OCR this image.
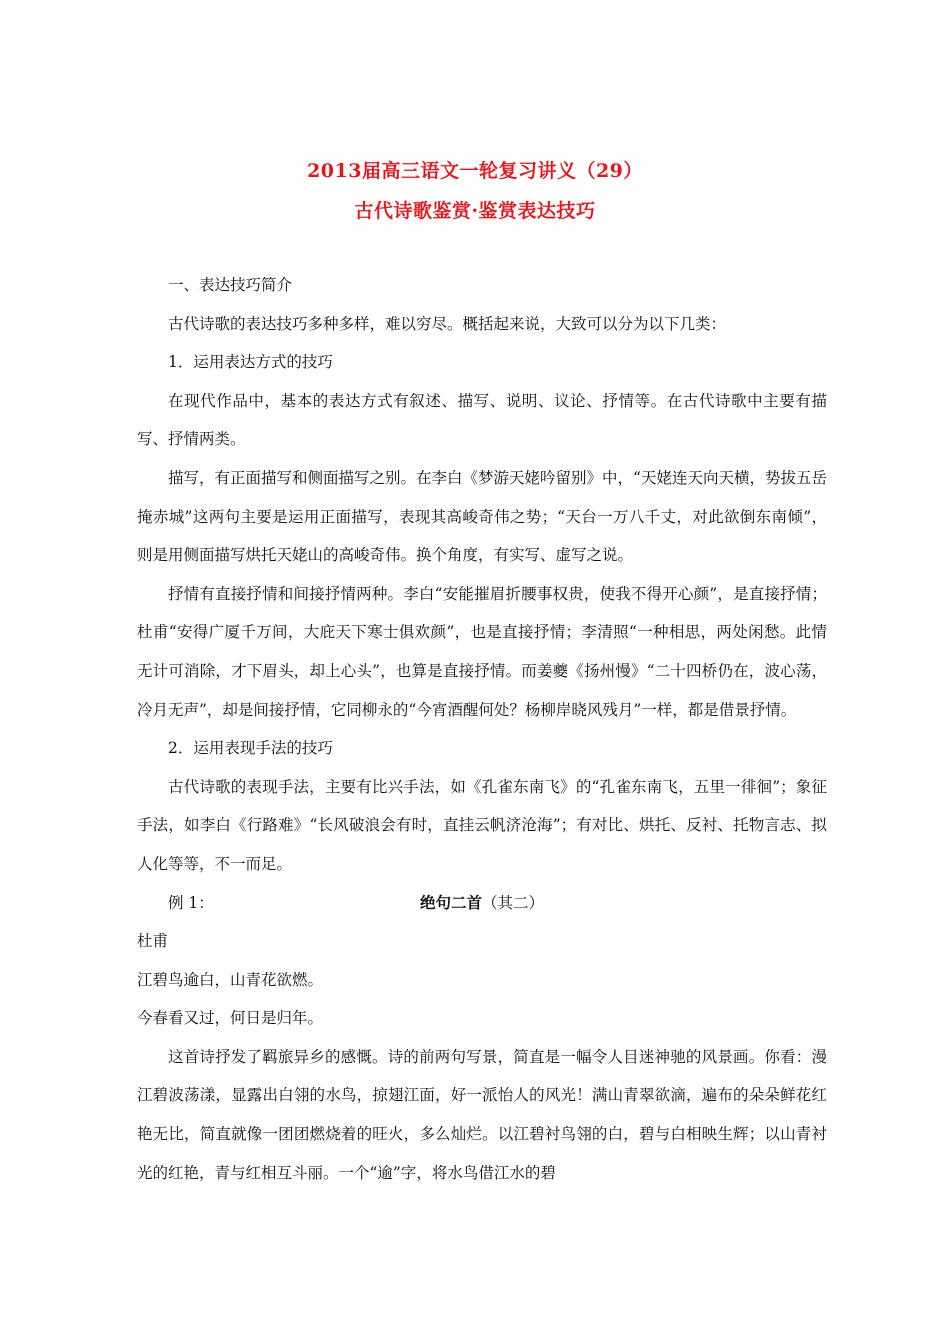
2013届高三语文一轮复习讲义（29）
古代诗歌鉴赏·鉴赏表达技巧

一、表达技巧简介

古代诗歌的表达技巧多种多样，难以穷尽。概括起来说，大致可以分为以下几类：

1．运用表达方式的技巧

在现代作品中，基本的表达方式有叙述、描写、说明、议论、抒情等。在古代诗歌中主要有描写、抒情两类。

描写，有正面描写和侧面描写之别。在李白《梦游天姥吟留别》中，“天姥连天向天横，势拔五岳掩赤城”这两句主要是运用正面描写，表现其高峻奇伟之势；“天台一万八千丈，对此欲倒东南倾”，则是用侧面描写烘托天姥山的高峻奇伟。换个角度，有实写、虚写之说。

抒情有直接抒情和间接抒情两种。李白“安能摧眉折腰事权贵，使我不得开心颜”，是直接抒情；杜甫“安得广厦千万间，大庇天下寒士俱欢颜”，也是直接抒情；李清照“一种相思，两处闲愁。此情无计可消除，才下眉头，却上心头”，也算是直接抒情。而姜夔《扬州慢》“二十四桥仍在，波心荡，冷月无声”，却是间接抒情，它同柳永的“今宵酒醒何处？杨柳岸晓风残月”一样，都是借景抒情。

2．运用表现手法的技巧

古代诗歌的表现手法，主要有比兴手法，如《孔雀东南飞》的“孔雀东南飞，五里一徘徊”；象征手法，如李白《行路难》“长风破浪会有时，直挂云帆济沧海”；有对比、烘托、反衬、托物言志、拟人化等等，不一而足。

例 1：	绝句二首（其二）

杜甫

江碧鸟逾白，山青花欲燃。

今春看又过，何日是归年。

这首诗抒发了羁旅异乡的感慨。诗的前两句写景，简直是一幅令人目迷神驰的风景画。你看：漫江碧波荡漾，显露出白翎的水鸟，掠翅江面，好一派怡人的风光！满山青翠欲滴，遍布的朵朵鲜花红艳无比，简直就像一团团燃烧着的旺火，多么灿烂。以江碧衬鸟翎的白，碧与白相映生辉；以山青衬光的红艳，青与红相互斗丽。一个“逾”字，将水鸟借江水的碧
